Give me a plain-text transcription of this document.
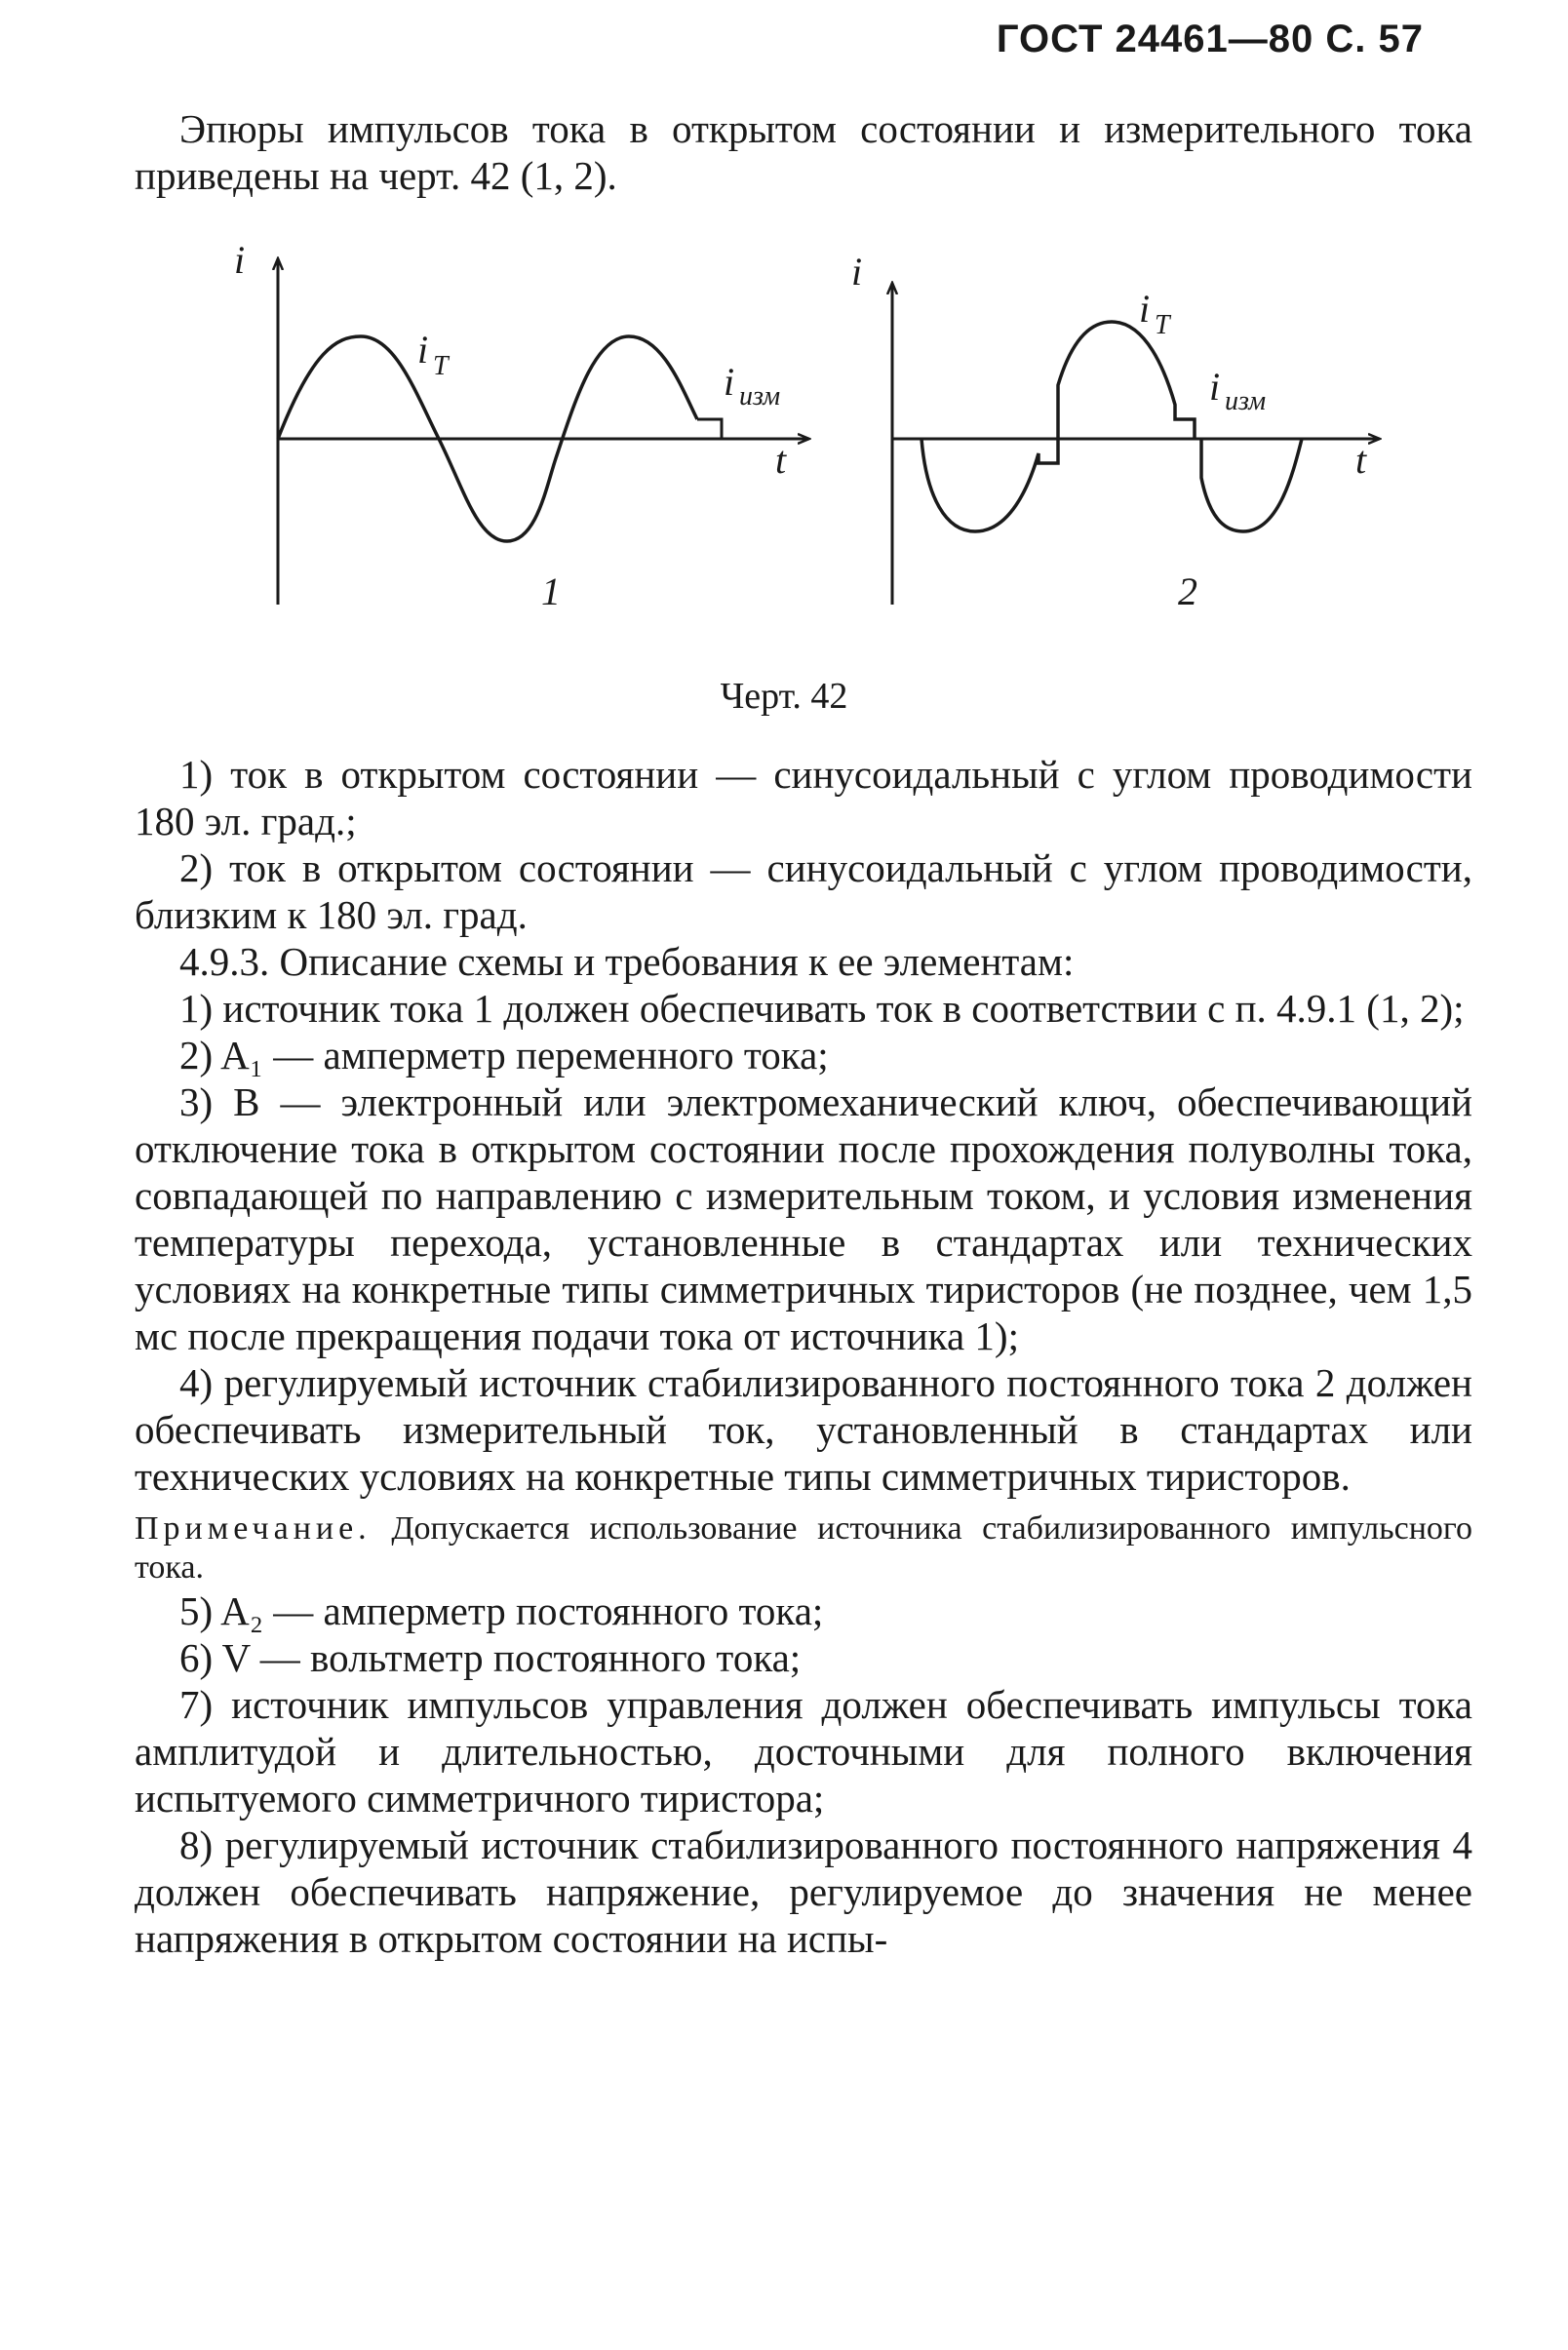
ГОСТ 24461—80 С. 57

Эпюры импульсов тока в открытом состоянии и измерительного тока приведены на черт. 42 (1, 2).

i
t
i T	i изм
1
i
t
i T
i изм
2
Черт. 42

1) ток в открытом состоянии — синусоидальный с углом проводимости 180 эл. град.;

2) ток в открытом состоянии — синусоидальный с углом проводимости, близким к 180 эл. град.

4.9.3. Описание схемы и требования к ее элементам:

1) источник тока 1 должен обеспечивать ток в соответствии с п. 4.9.1 (1, 2);

2) A₁ — амперметр переменного тока;

3) B — электронный или электромеханический ключ, обеспечивающий отключение тока в открытом состоянии после прохождения полуволны тока, совпадающей по направлению с измерительным током, и условия изменения температуры перехода, установленные в стандартах или технических условиях на конкретные типы симметричных тиристоров (не позднее, чем 1,5 мс после прекращения подачи тока от источника 1);

4) регулируемый источник стабилизированного постоянного тока 2 должен обеспечивать измерительный ток, установленный в стандартах или технических условиях на конкретные типы симметричных тиристоров.

Примечание. Допускается использование источника стабилизированного импульсного тока.

5) A₂ — амперметр постоянного тока;

6) V — вольтметр постоянного тока;

7) источник импульсов управления должен обеспечивать импульсы тока амплитудой и длительностью, досточными для полного включения испытуемого симметричного тиристора;

8) регулируемый источник стабилизированного постоянного напряжения 4 должен обеспечивать напряжение, регулируемое до значения не менее напряжения в открытом состоянии на испы-
